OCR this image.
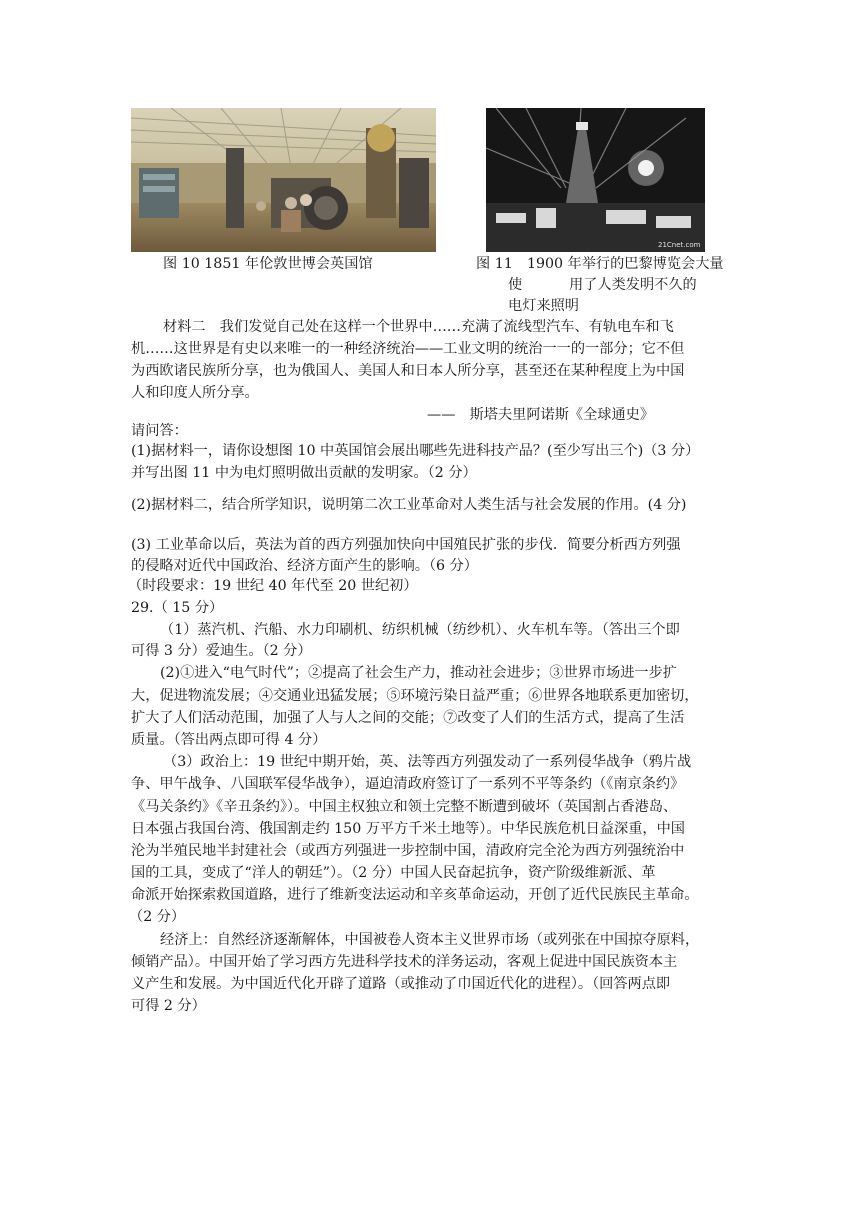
21Cnet.com
图 10 1851 年伦敦世博会英国馆	图 11　1900 年举行的巴黎博览会大量
使	用了人类发明不久的
电灯来照明
材料二　我们发觉自己处在这样一个世界中……充满了流线型汽车、有轨电车和飞
机……这世界是有史以来唯一的一种经济统治——工业文明的统治一一的一部分；它不但
为西欧诸民族所分享，也为俄国人、美国人和日本人所分享，甚至还在某种程度上为中国
人和印度人所分享。
——　斯塔夫里阿诺斯《全球通史》
请问答：
(1)据材料一，请你设想图 10 中英国馆会展出哪些先进科技产品？(至少写出三个)（3 分）
并写出图 11 中为电灯照明做出贡献的发明家。（2 分）
(2)据材料二，结合所学知识，说明第二次工业革命对人类生活与社会发展的作用。(4 分)
(3) 工业革命以后，英法为首的西方列强加快向中国殖民扩张的步伐．简要分析西方列强
的侵略对近代中国政治、经济方面产生的影响。（6 分）
（时段要求：19 世纪 40 年代至 20 世纪初）
29.（ 15 分）
（1）蒸汽机、汽船、水力印刷机、纺织机械（纺纱机）、火车机车等。（答出三个即
可得 3 分）爱迪生。（2 分）
(2)①进入“电气时代”；②提高了社会生产力，推动社会进步；③世界市场进一步扩
大，促进物流发展；④交通业迅猛发展；⑤环境污染日益严重；⑥世界各地联系更加密切，
扩大了人们活动范围，加强了人与人之间的交能；⑦改变了人们的生活方式，提高了生活
质量。（答出两点即可得 4 分）
（3）政治上：19 世纪中期开始，英、法等西方列强发动了一系列侵华战争（鸦片战
争、甲午战争、八国联军侵华战争），逼迫清政府签订了一系列不平等条约（《南京条约》
《马关条约》《辛丑条约》）。中国主权独立和领土完整不断遭到破坏（英国割占香港岛、
日本强占我国台湾、俄国割走约 150 万平方千米土地等）。中华民族危机日益深重，中国
沦为半殖民地半封建社会（或西方列强进一步控制中国，清政府完全沦为西方列强统治中
国的工具，变成了“洋人的朝廷”）。（2 分）中国人民奋起抗争，资产阶级维新派、革
命派开始探索救国道路，进行了维新变法运动和辛亥革命运动，开创了近代民族民主革命。
（2 分）
经济上：自然经济逐渐解体，中国被卷人资本主义世界市场（或列张在中国掠夺原料，
倾销产品）。中国开始了学习西方先进科学技术的洋务运动，客观上促进中国民族资本主
义产生和发展。为中国近代化开辟了道路（或推动了巾国近代化的进程）。（回答两点即
可得 2 分）
